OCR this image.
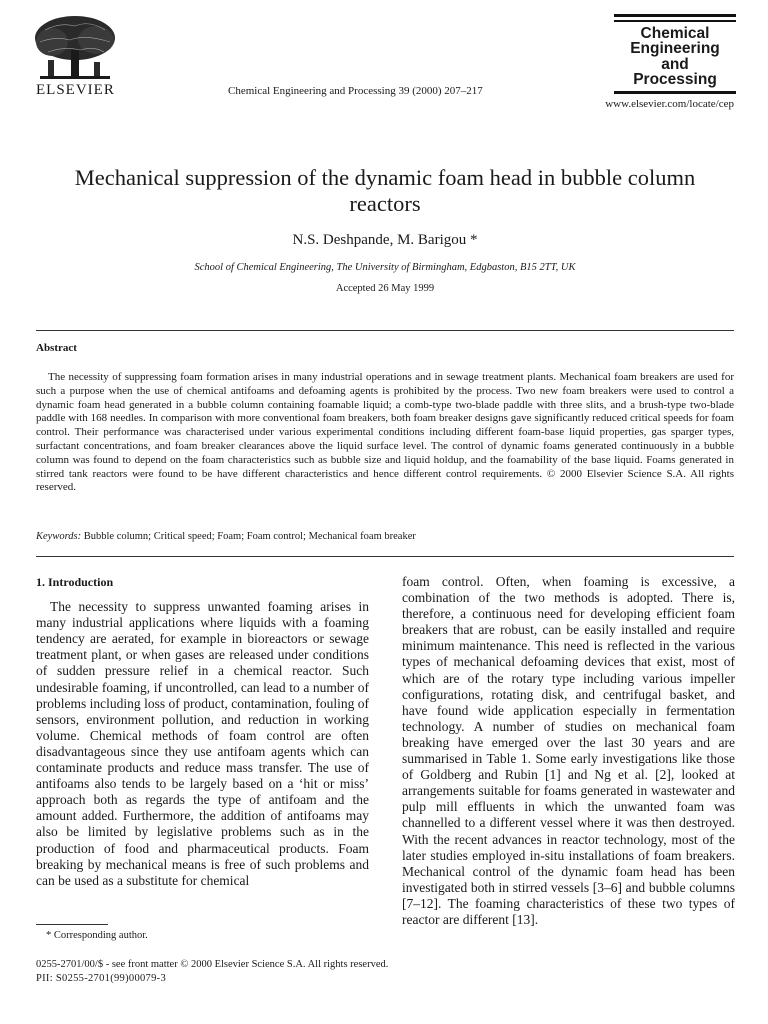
ELSEVIER	Chemical Engineering and Processing 39 (2000) 207–217
Chemical
Engineering
and
Processing
www.elsevier.com/locate/cep
Mechanical suppression of the dynamic foam head in bubble column reactors
N.S. Deshpande, M. Barigou *
School of Chemical Engineering, The University of Birmingham, Edgbaston, B15 2TT, UK
Accepted 26 May 1999
Abstract

The necessity of suppressing foam formation arises in many industrial operations and in sewage treatment plants. Mechanical foam breakers are used for such a purpose when the use of chemical antifoams and defoaming agents is prohibited by the process. Two new foam breakers were used to control a dynamic foam head generated in a bubble column containing foamable liquid; a comb-type two-blade paddle with three slits, and a brush-type two-blade paddle with 168 needles. In comparison with more conventional foam breakers, both foam breaker designs gave significantly reduced critical speeds for foam control. Their performance was characterised under various experimental conditions including different foam-base liquid properties, gas sparger types, surfactant concentrations, and foam breaker clearances above the liquid surface level. The control of dynamic foams generated continuously in a bubble column was found to depend on the foam characteristics such as bubble size and liquid holdup, and the foamability of the base liquid. Foams generated in stirred tank reactors were found to be have different characteristics and hence different control requirements. © 2000 Elsevier Science S.A. All rights reserved.

Keywords: Bubble column; Critical speed; Foam; Foam control; Mechanical foam breaker
1. Introduction

The necessity to suppress unwanted foaming arises in many industrial applications where liquids with a foaming tendency are aerated, for example in bioreactors or sewage treatment plant, or when gases are released under conditions of sudden pressure relief in a chemical reactor. Such undesirable foaming, if uncontrolled, can lead to a number of problems including loss of product, contamination, fouling of sensors, environment pollution, and reduction in working volume. Chemical methods of foam control are often disadvantageous since they use antifoam agents which can contaminate products and reduce mass transfer. The use of antifoams also tends to be largely based on a ‘hit or miss’ approach both as regards the type of antifoam and the amount added. Furthermore, the addition of antifoams may also be limited by legislative problems such as in the production of food and pharmaceutical products. Foam breaking by mechanical means is free of such problems and can be used as a substitute for chemical

foam control. Often, when foaming is excessive, a combination of the two methods is adopted. There is, therefore, a continuous need for developing efficient foam breakers that are robust, can be easily installed and require minimum maintenance. This need is reflected in the various types of mechanical defoaming devices that exist, most of which are of the rotary type including various impeller configurations, rotating disk, and centrifugal basket, and have found wide application especially in fermentation technology. A number of studies on mechanical foam breaking have emerged over the last 30 years and are summarised in Table 1. Some early investigations like those of Goldberg and Rubin [1] and Ng et al. [2], looked at arrangements suitable for foams generated in wastewater and pulp mill effluents in which the unwanted foam was channelled to a different vessel where it was then destroyed. With the recent advances in reactor technology, most of the later studies employed in-situ installations of foam breakers. Mechanical control of the dynamic foam head has been investigated both in stirred vessels [3–6] and bubble columns [7–12]. The foaming characteristics of these two types of reactor are different [13].

* Corresponding author.
0255-2701/00/$ - see front matter © 2000 Elsevier Science S.A. All rights reserved.
PII: S0255-2701(99)00079-3
